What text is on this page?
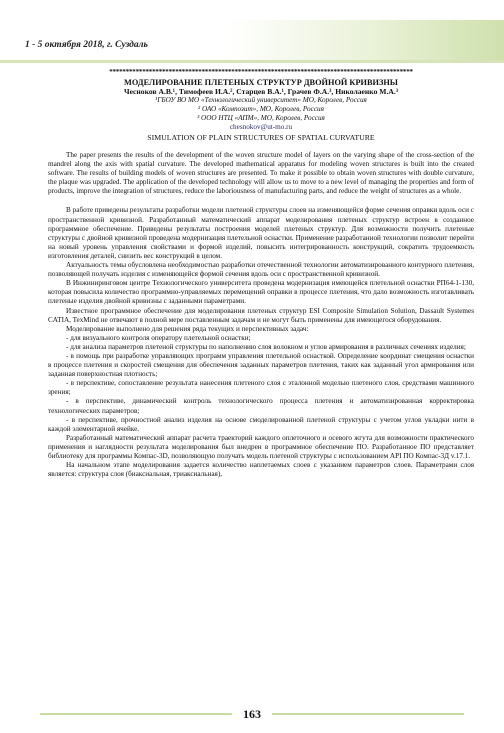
1 - 5 октября 2018, г. Суздаль
********************************************************************************************
МОДЕЛИРОВАНИЕ ПЛЕТЕНЫХ СТРУКТУР ДВОЙНОЙ КРИВИЗНЫ
Чесноков А.В.¹, Тимофеев И.А.², Старцев В.А.¹, Грачев Ф.А.³, Николаенко М.А.³
¹ГБОУ ВО МО «Технологический университет» МО, Королев, Россия
² ОАО «Композит», МО, Королев, Россия
³ ООО НТЦ «АПМ», МО, Королев, Россия
chesnokov@ut-mo.ru
SIMULATION OF PLAIN STRUCTURES OF SPATIAL CURVATURE
The paper presents the results of the development of the woven structure model of layers on the varying shape of the cross-section of the mandrel along the axis with spatial curvature. The developed mathematical apparatus for modeling woven structures is built into the created software. The results of building models of woven structures are presented. To make it possible to obtain woven structures with double curvature, the plaque was upgraded. The application of the developed technology will allow us to move to a new level of managing the properties and form of products, improve the integration of structures, reduce the laboriousness of manufacturing parts, and reduce the weight of structures as a whole.

В работе приведены результаты разработки модели плетеной структуры слоев на изменяющейся форме сечения оправки вдоль оси с пространственной кривизной. Разработанный математический аппарат моделирования плетеных структур встроен в созданное программное обеспечение. Приведены результаты построения моделей плетеных структур. Для возможности получить плетеные структуры с двойной кривизной проведена модернизация плетельной оснастки. Применение разработанной технологии позволит перейти на новый уровень управления свойствами и формой изделий, повысить интегрированность конструкций, сократить трудоемкость изготовления деталей, снизить вес конструкций в целом.

Актуальность темы обусловлена необходимостью разработки отечественной технологии автоматизированного контурного плетения, позволяющей получать изделия с изменяющейся формой сечения вдоль оси с пространственной кривизной.

В Инжиниринговом центре Технологического университета проведена модернизация имеющейся плетельной оснастки РП64-1-130, которая повысила количество программно-управляемых перемещений оправки в процессе плетения, что дало возможность изготавливать плетеные изделия двойной кривизны с заданными параметрами.

Известное программное обеспечение для моделирования плетеных структур ESI Composite Simulation Solution, Dassault Systemes CATIA, TexMind не отвечают в полной мере поставленным задачам и не могут быть применены для имеющегося оборудования.

Моделирование выполнено для решения ряда текущих и перспективных задач:

- для визуального контроля оператору плетельной оснастки;

- для анализа параметров плетеной структуры по наполнению слоя волокном и углов армирования в различных сечениях изделия;

- в помощь при разработке управляющих программ управления плетельной оснасткой. Определение координат смещения оснастки в процессе плетения и скоростей смещения для обеспечения заданных параметров плетения, таких как заданный угол армирования или заданная поверхностная плотность;

- в перспективе, сопоставление результата нанесения плетеного слоя с эталонной моделью плетеного слоя, средствами машинного зрения;

- в перспективе, динамический контроль технологического процесса плетения и автоматизированная корректировка технологических параметров;

- в перспективе, прочностной анализ изделия на основе смоделированной плетеной структуры с учетом углов укладки нити в каждой элементарной ячейке.

Разработанный математический аппарат расчета траекторий каждого оплеточного и осевого жгута для возможности практического применения и наглядности результата моделирования был внедрен в программное обеспечение ПО. Разработанное ПО представляет библиотеку для программы Компас-3D, позволяющую получать модель плетеной структуры с использованием API ПО Компас-3Д v.17.1.

На начальном этапе моделирования задается количество наплетаемых слоев с указанием параметров слоев. Параметрами слоя является: структура слоя (биаксиальная, триаксиальная),

163
